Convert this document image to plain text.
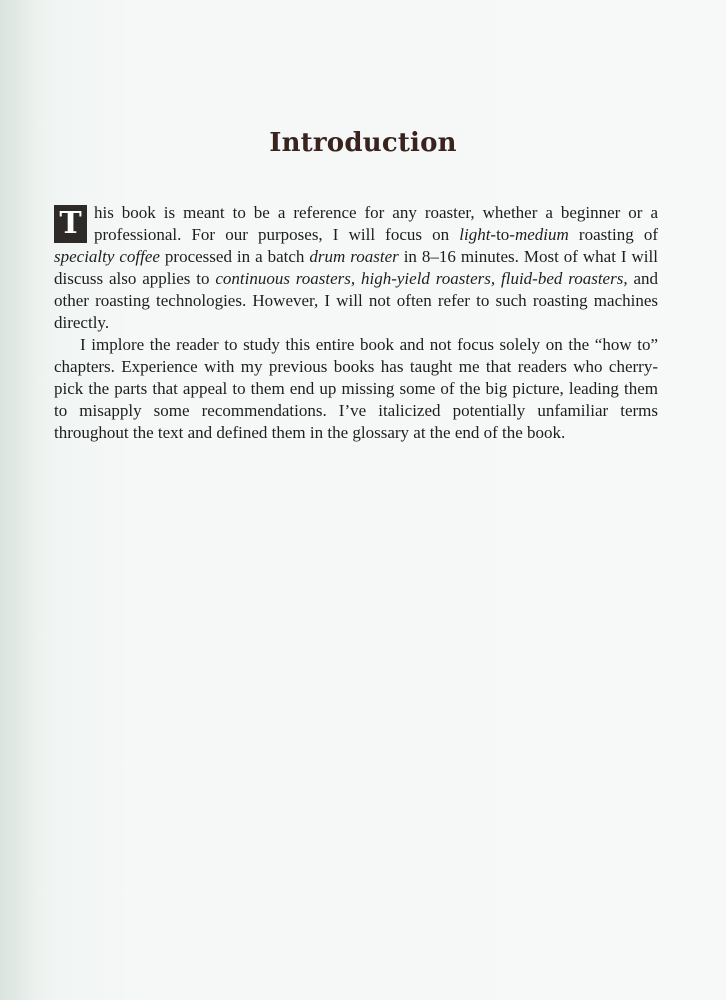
Introduction

T his book is meant to be a reference for any roaster, whether a beginner or a professional. For our purposes, I will focus on light-to-medium roasting of specialty coffee processed in a batch drum roaster in 8–16 minutes. Most of what I will discuss also applies to continuous roasters, high-yield roasters, fluid-bed roasters, and other roasting technologies. However, I will not often refer to such roasting machines directly.

I implore the reader to study this entire book and not focus solely on the “how to” chapters. Experience with my previous books has taught me that readers who cherry-pick the parts that appeal to them end up missing some of the big picture, leading them to misapply some recommendations. I’ve italicized potentially unfamiliar terms throughout the text and defined them in the glossary at the end of the book.
